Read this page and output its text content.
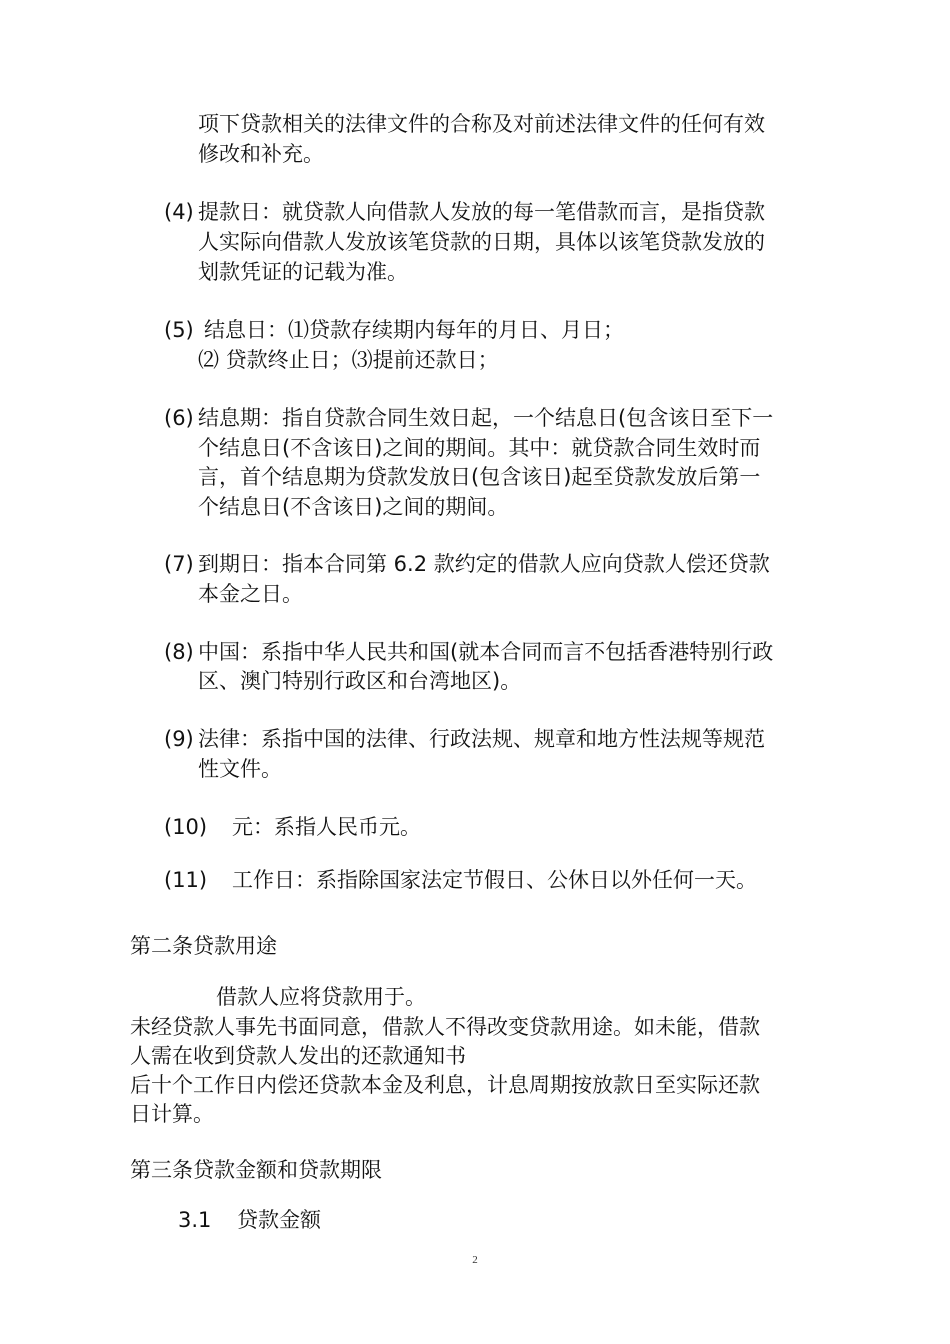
项下贷款相关的法律文件的合称及对前述法律文件的任何有效
修改和补充。
(4) 提款日：就贷款人向借款人发放的每一笔借款而言，是指贷款
人实际向借款人发放该笔贷款的日期，具体以该笔贷款发放的
划款凭证的记载为准。
(5) 结息日：⑴贷款存续期内每年的月日、月日；
⑵ 贷款终止日；⑶提前还款日；
(6) 结息期：指自贷款合同生效日起，一个结息日(包含该日至下一
个结息日(不含该日)之间的期间。其中：就贷款合同生效时而
言，首个结息期为贷款发放日(包含该日)起至贷款发放后第一
个结息日(不含该日)之间的期间。
(7) 到期日：指本合同第 6.2 款约定的借款人应向贷款人偿还贷款
本金之日。
(8) 中国：系指中华人民共和国(就本合同而言不包括香港特别行政
区、澳门特别行政区和台湾地区)。
(9) 法律：系指中国的法律、行政法规、规章和地方性法规等规范
性文件。
(10) 元：系指人民币元。
(11) 工作日：系指除国家法定节假日、公休日以外任何一天。
第二条贷款用途
借款人应将贷款用于。
未经贷款人事先书面同意，借款人不得改变贷款用途。如未能，借款
人需在收到贷款人发出的还款通知书
后十个工作日内偿还贷款本金及利息，计息周期按放款日至实际还款
日计算。
第三条贷款金额和贷款期限
3.1 贷款金额
2
